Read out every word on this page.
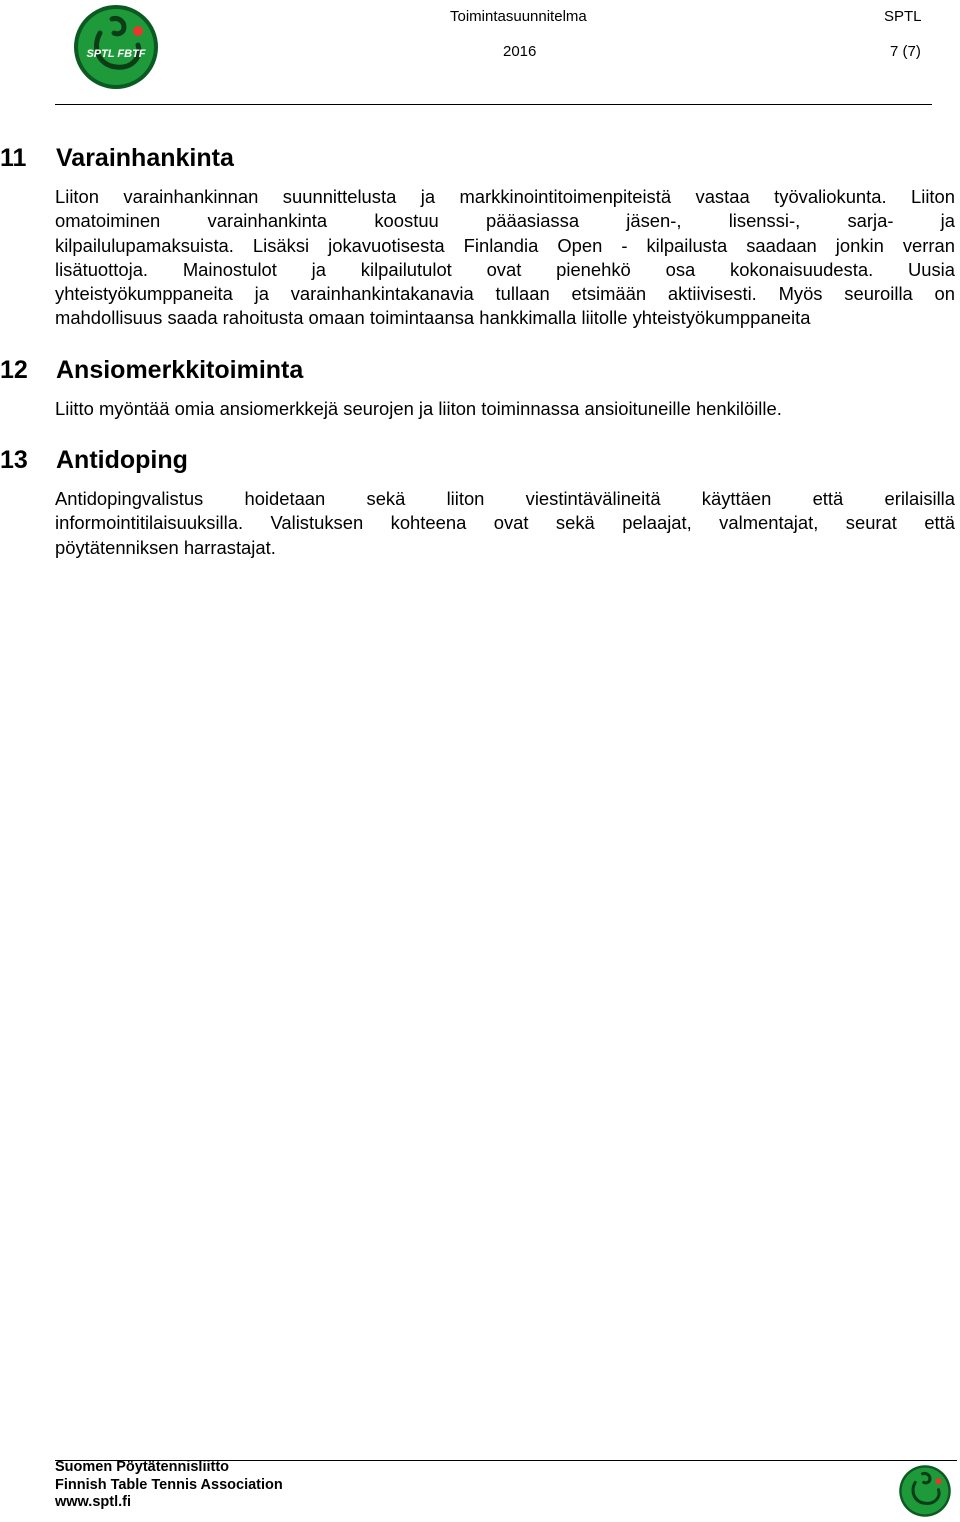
SPTL FBTF
Toimintasuunnitelma	SPTL
2016	7 (7)
11 Varainhankinta
Liiton varainhankinnan suunnittelusta ja markkinointitoimenpiteistä vastaa työvaliokunta. Liiton
omatoiminen varainhankinta koostuu pääasiassa jäsen-, lisenssi-, sarja- ja
kilpailulupamaksuista. Lisäksi jokavuotisesta Finlandia Open - kilpailusta saadaan jonkin verran
lisätuottoja. Mainostulot ja kilpailutulot ovat pienehkö osa kokonaisuudesta. Uusia
yhteistyökumppaneita ja varainhankintakanavia tullaan etsimään aktiivisesti. Myös seuroilla on
mahdollisuus saada rahoitusta omaan toimintaansa hankkimalla liitolle yhteistyökumppaneita
12 Ansiomerkkitoiminta
Liitto myöntää omia ansiomerkkejä seurojen ja liiton toiminnassa ansioituneille henkilöille.
13 Antidoping
Antidopingvalistus hoidetaan sekä liiton viestintävälineitä käyttäen että erilaisilla
informointitilaisuuksilla. Valistuksen kohteena ovat sekä pelaajat, valmentajat, seurat että
pöytätenniksen harrastajat.
Suomen Pöytätennisliitto
Finnish Table Tennis Association
www.sptl.fi
